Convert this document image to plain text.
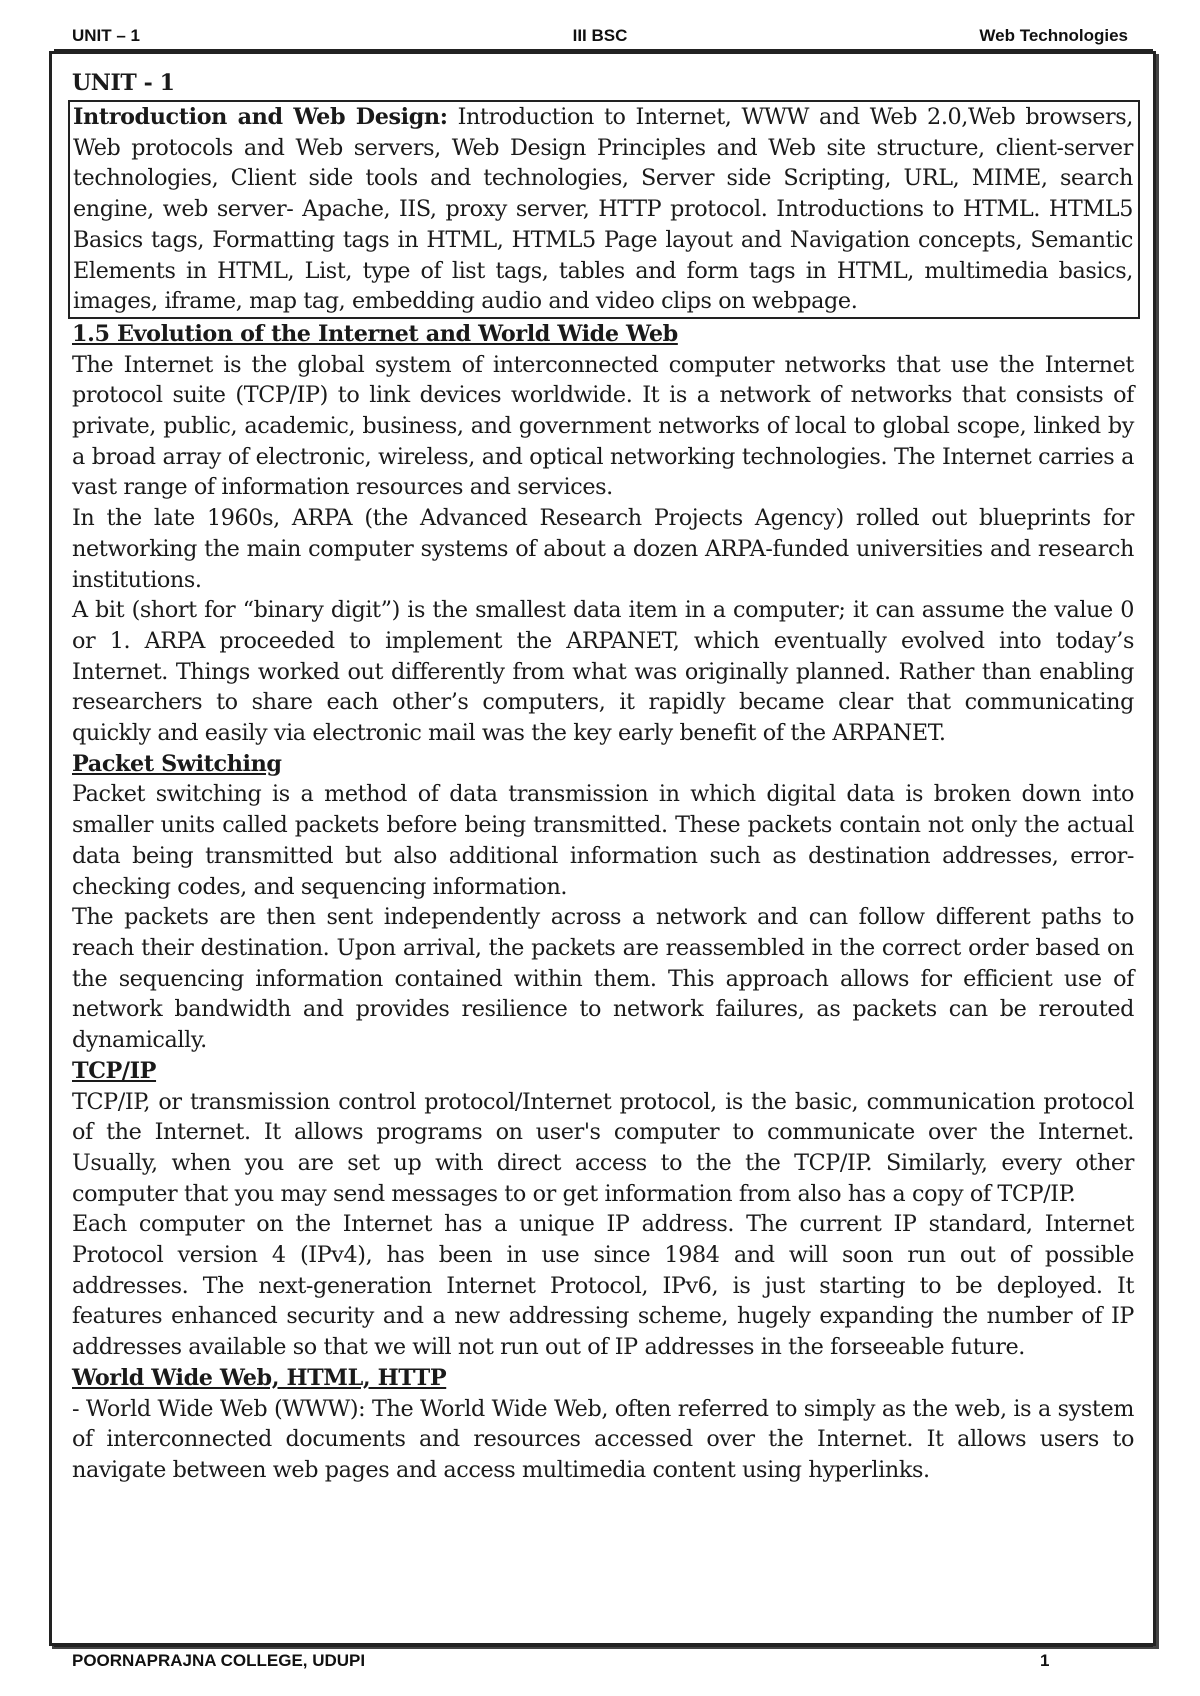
UNIT – 1	III BSC	Web Technologies
UNIT - 1
Introduction and Web Design: Introduction to Internet, WWW and Web 2.0,Web browsers, Web protocols and Web servers, Web Design Principles and Web site structure, client-server technologies, Client side tools and technologies, Server side Scripting, URL, MIME, search engine, web server- Apache, IIS, proxy server, HTTP protocol. Introductions to HTML. HTML5 Basics tags, Formatting tags in HTML, HTML5 Page layout and Navigation concepts, Semantic Elements in HTML, List, type of list tags, tables and form tags in HTML, multimedia basics, images, iframe, map tag, embedding audio and video clips on webpage.
1.5 Evolution of the Internet and World Wide Web

The Internet is the global system of interconnected computer networks that use the Internet protocol suite (TCP/IP) to link devices worldwide. It is a network of networks that consists of private, public, academic, business, and government networks of local to global scope, linked by a broad array of electronic, wireless, and optical networking technologies. The Internet carries a vast range of information resources and services.

In the late 1960s, ARPA (the Advanced Research Projects Agency) rolled out blueprints for networking the main computer systems of about a dozen ARPA-funded universities and research institutions.

A bit (short for “binary digit”) is the smallest data item in a computer; it can assume the value 0 or 1. ARPA proceeded to implement the ARPANET, which eventually evolved into today’s Internet. Things worked out differently from what was originally planned. Rather than enabling researchers to share each other’s computers, it rapidly became clear that communicating quickly and easily via electronic mail was the key early benefit of the ARPANET.

Packet Switching

Packet switching is a method of data transmission in which digital data is broken down into smaller units called packets before being transmitted. These packets contain not only the actual data being transmitted but also additional information such as destination addresses, error-checking codes, and sequencing information.

The packets are then sent independently across a network and can follow different paths to reach their destination. Upon arrival, the packets are reassembled in the correct order based on the sequencing information contained within them. This approach allows for efficient use of network bandwidth and provides resilience to network failures, as packets can be rerouted dynamically.

TCP/IP

TCP/IP, or transmission control protocol/Internet protocol, is the basic, communication protocol of the Internet. It allows programs on user's computer to communicate over the Internet. Usually, when you are set up with direct access to the the TCP/IP. Similarly, every other computer that you may send messages to or get information from also has a copy of TCP/IP.

Each computer on the Internet has a unique IP address. The current IP standard, Internet Protocol version 4 (IPv4), has been in use since 1984 and will soon run out of possible addresses. The next-generation Internet Protocol, IPv6, is just starting to be deployed. It features enhanced security and a new addressing scheme, hugely expanding the number of IP addresses available so that we will not run out of IP addresses in the forseeable future.

World Wide Web, HTML, HTTP

- World Wide Web (WWW): The World Wide Web, often referred to simply as the web, is a system of interconnected documents and resources accessed over the Internet. It allows users to navigate between web pages and access multimedia content using hyperlinks.

POORNAPRAJNA COLLEGE, UDUPI	1
